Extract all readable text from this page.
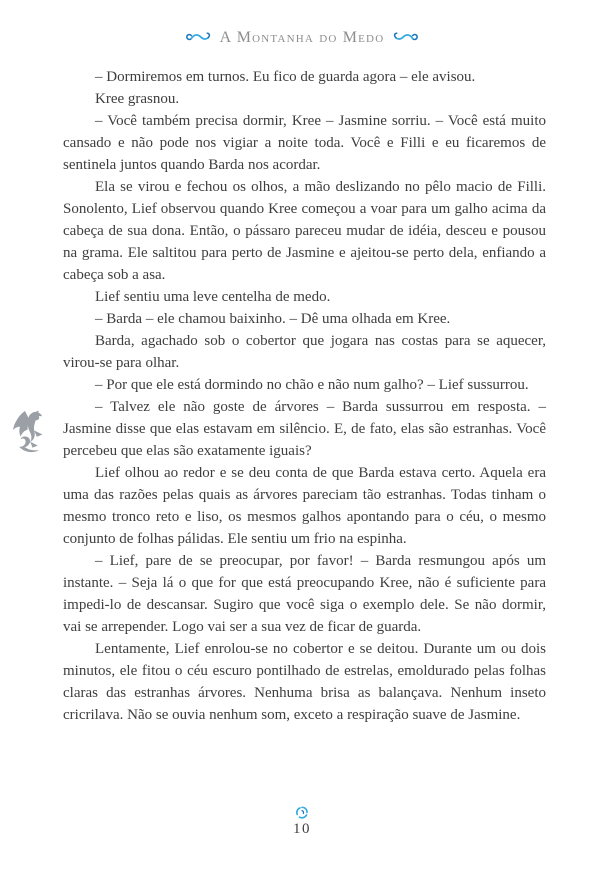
A Montanha do Medo

– Dormiremos em turnos. Eu fico de guarda agora – ele avisou.

Kree grasnou.

– Você também precisa dormir, Kree – Jasmine sorriu. – Você está muito cansado e não pode nos vigiar a noite toda. Você e Filli e eu ficaremos de sentinela juntos quando Barda nos acordar.

Ela se virou e fechou os olhos, a mão deslizando no pêlo macio de Filli. Sonolento, Lief observou quando Kree começou a voar para um galho acima da cabeça de sua dona. Então, o pássaro pareceu mudar de idéia, desceu e pousou na grama. Ele saltitou para perto de Jasmine e ajeitou-se perto dela, enfiando a cabeça sob a asa.

Lief sentiu uma leve centelha de medo.

– Barda – ele chamou baixinho. – Dê uma olhada em Kree.

Barda, agachado sob o cobertor que jogara nas costas para se aquecer, virou-se para olhar.

– Por que ele está dormindo no chão e não num galho? – Lief sussurrou.

– Talvez ele não goste de árvores – Barda sussurrou em resposta. – Jasmine disse que elas estavam em silêncio. E, de fato, elas são estranhas. Você percebeu que elas são exatamente iguais?

Lief olhou ao redor e se deu conta de que Barda estava certo. Aquela era uma das razões pelas quais as árvores pareciam tão estranhas. Todas tinham o mesmo tronco reto e liso, os mesmos galhos apontando para o céu, o mesmo conjunto de folhas pálidas. Ele sentiu um frio na espinha.

– Lief, pare de se preocupar, por favor! – Barda resmungou após um instante. – Seja lá o que for que está preocupando Kree, não é suficiente para impedi-lo de descansar. Sugiro que você siga o exemplo dele. Se não dormir, vai se arrepender. Logo vai ser a sua vez de ficar de guarda.

Lentamente, Lief enrolou-se no cobertor e se deitou. Durante um ou dois minutos, ele fitou o céu escuro pontilhado de estrelas, emoldurado pelas folhas claras das estranhas árvores. Nenhuma brisa as balançava. Nenhum inseto cricrilava. Não se ouvia nenhum som, exceto a respiração suave de Jasmine.

10
